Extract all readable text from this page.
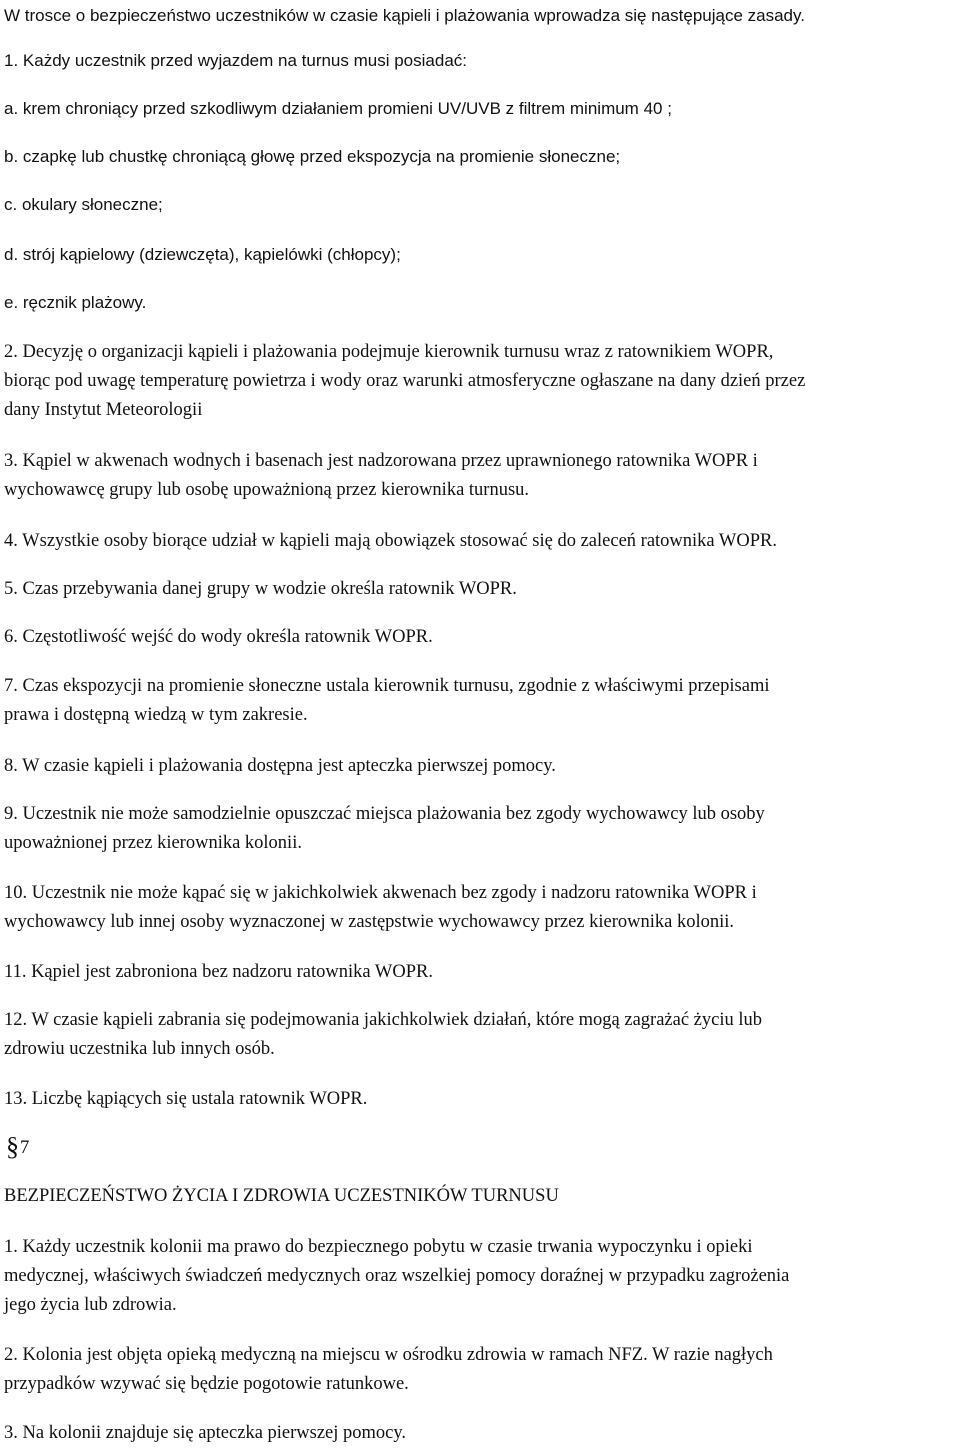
W trosce o bezpieczeństwo uczestników w czasie kąpieli i plażowania wprowadza się następujące zasady.

1. Każdy uczestnik przed wyjazdem na turnus musi posiadać:

a. krem chroniący przed szkodliwym działaniem promieni UV/UVB z filtrem minimum 40 ;

b. czapkę lub chustkę chroniącą głowę przed ekspozycja na promienie słoneczne;

c. okulary słoneczne;

d. strój kąpielowy (dziewczęta), kąpielówki (chłopcy);

e. ręcznik plażowy.

2. Decyzję o organizacji kąpieli i plażowania podejmuje kierownik turnusu wraz z ratownikiem WOPR,

biorąc pod uwagę temperaturę powietrza i wody oraz warunki atmosferyczne ogłaszane na dany dzień przez

dany Instytut Meteorologii

3. Kąpiel w akwenach wodnych i basenach jest nadzorowana przez uprawnionego ratownika WOPR i

wychowawcę grupy lub osobę upoważnioną przez kierownika turnusu.

4. Wszystkie osoby biorące udział w kąpieli mają obowiązek stosować się do zaleceń ratownika WOPR.

5. Czas przebywania danej grupy w wodzie określa ratownik WOPR.

6. Częstotliwość wejść do wody określa ratownik WOPR.

7. Czas ekspozycji na promienie słoneczne ustala kierownik turnusu, zgodnie z właściwymi przepisami

prawa i dostępną wiedzą w tym zakresie.

8. W czasie kąpieli i plażowania dostępna jest apteczka pierwszej pomocy.

9. Uczestnik nie może samodzielnie opuszczać miejsca plażowania bez zgody wychowawcy lub osoby

upoważnionej przez kierownika kolonii.

10. Uczestnik nie może kąpać się w jakichkolwiek akwenach bez zgody i nadzoru ratownika WOPR i

wychowawcy lub innej osoby wyznaczonej w zastępstwie wychowawcy przez kierownika kolonii.

11. Kąpiel jest zabroniona bez nadzoru ratownika WOPR.

12. W czasie kąpieli zabrania się podejmowania jakichkolwiek działań, które mogą zagrażać życiu lub

zdrowiu uczestnika lub innych osób.

13. Liczbę kąpiących się ustala ratownik WOPR.

§ 7

BEZPIECZEŃSTWO ŻYCIA I ZDROWIA UCZESTNIKÓW TURNUSU

1. Każdy uczestnik kolonii ma prawo do bezpiecznego pobytu w czasie trwania wypoczynku i opieki

medycznej, właściwych świadczeń medycznych oraz wszelkiej pomocy doraźnej w przypadku zagrożenia

jego życia lub zdrowia.

2. Kolonia jest objęta opieką medyczną na miejscu w ośrodku zdrowia w ramach NFZ. W razie nagłych

przypadków wzywać się będzie pogotowie ratunkowe.

3. Na kolonii znajduje się apteczka pierwszej pomocy.
